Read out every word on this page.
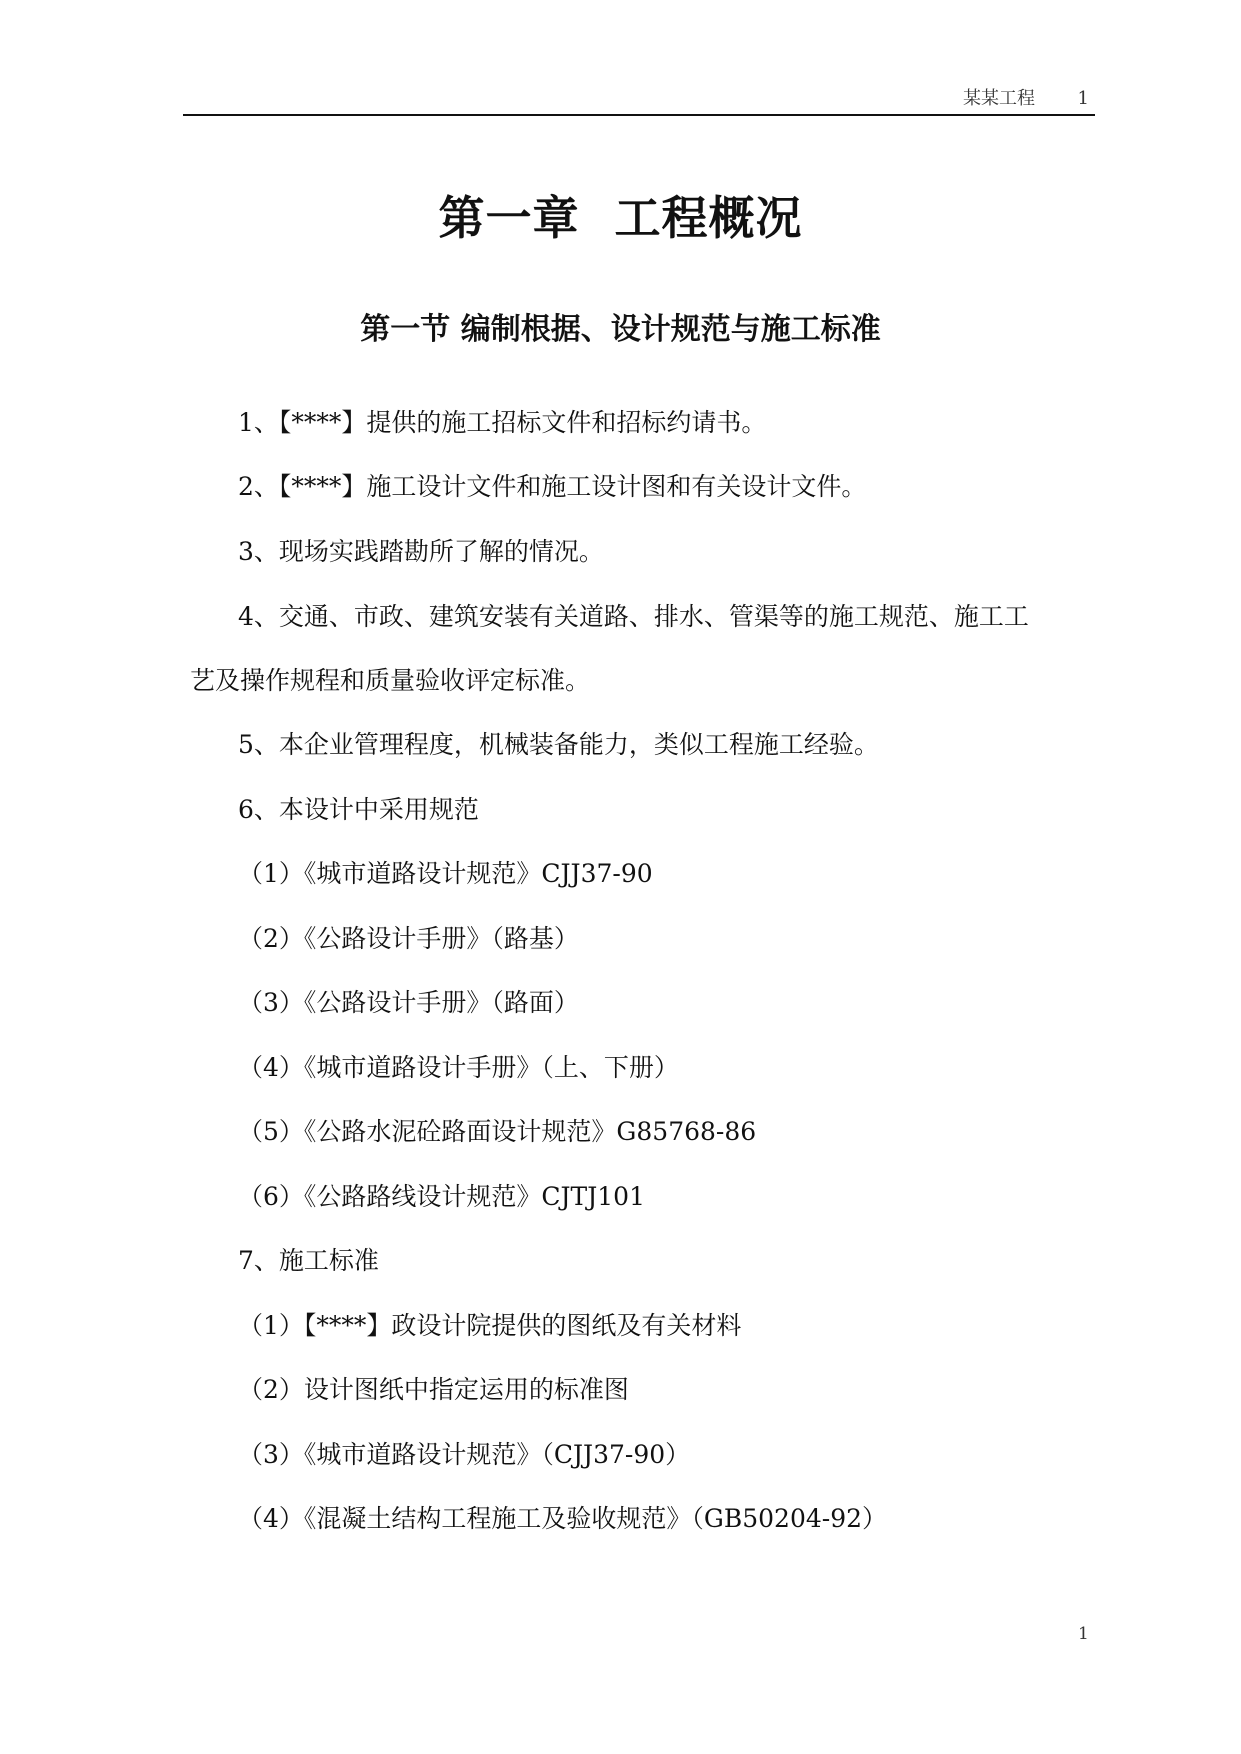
某某工程 1
第一章 工程概况
第一节 编制根据、设计规范与施工标准
1、【****】提供的施工招标文件和招标约请书。
2、【****】施工设计文件和施工设计图和有关设计文件。
3、现场实践踏勘所了解的情况。
4、交通、市政、建筑安装有关道路、排水、管渠等的施工规范、施工工
艺及操作规程和质量验收评定标准。
5、本企业管理程度，机械装备能力，类似工程施工经验。
6、本设计中采用规范
（1）《城市道路设计规范》CJJ37-90
（2）《公路设计手册》（路基）
（3）《公路设计手册》（路面）
（4）《城市道路设计手册》（上、下册）
（5）《公路水泥砼路面设计规范》G85768-86
（6）《公路路线设计规范》CJTJ101
7、施工标准
（1）【****】政设计院提供的图纸及有关材料
（2）设计图纸中指定运用的标准图
（3）《城市道路设计规范》（CJJ37-90）
（4）《混凝土结构工程施工及验收规范》（GB50204-92）
1
